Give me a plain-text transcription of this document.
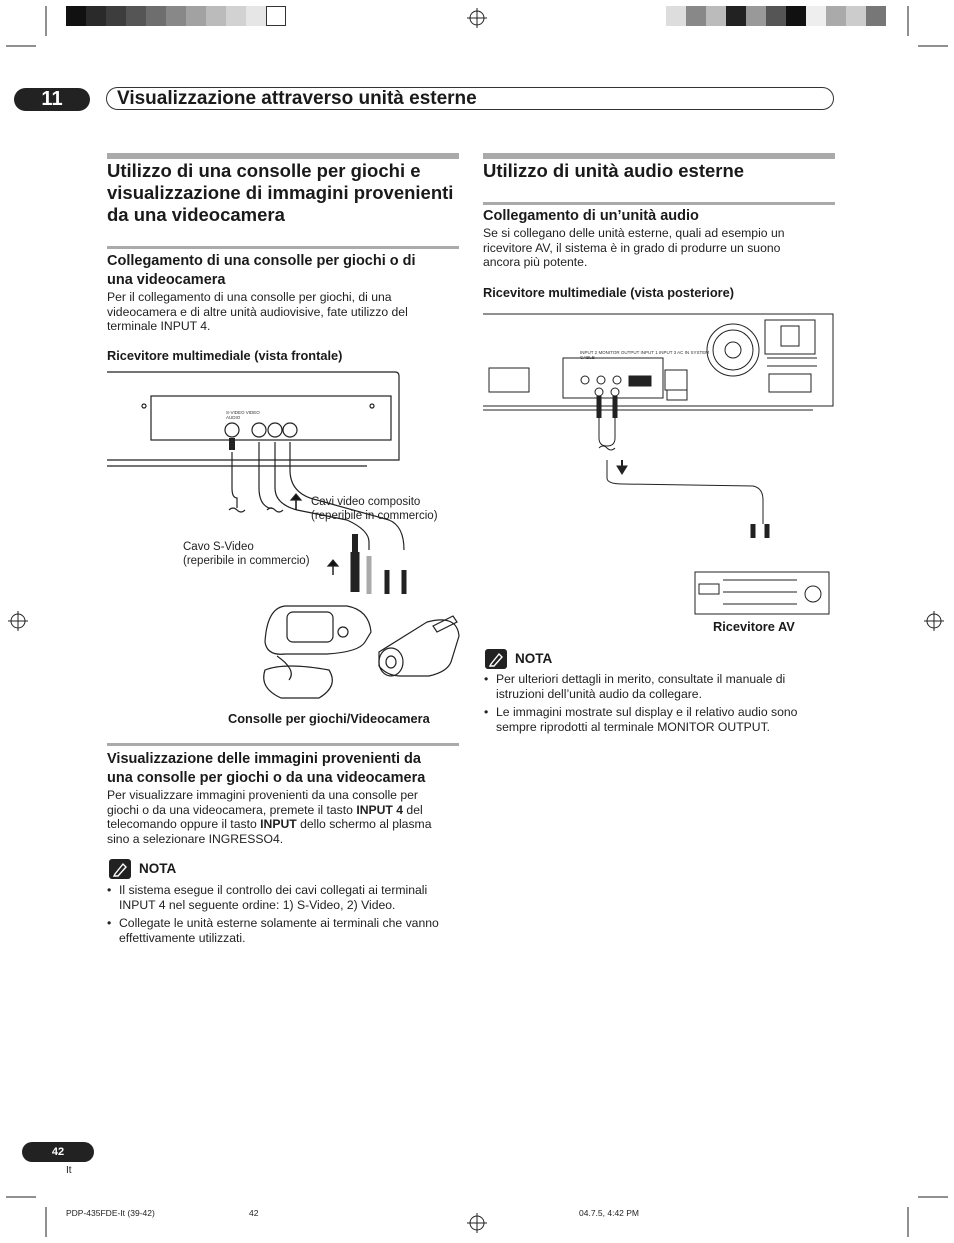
11	Visualizzazione attraverso unità esterne
Utilizzo di una consolle per giochi e
visualizzazione di immagini provenienti
da una videocamera
Collegamento di una consolle per giochi o di
una videocamera
Per il collegamento di una consolle per giochi, di una
videocamera e di altre unità audiovisive, fate utilizzo del
terminale INPUT 4.
Ricevitore multimediale (vista frontale)
S-VIDEO VIDEO AUDIO
Cavi video composito
(reperibile in commercio)
Cavo S-Video
(reperibile in commercio)
Consolle per giochi/Videocamera
Visualizzazione delle immagini provenienti da
una consolle per giochi o da una videocamera
Per visualizzare immagini provenienti da una consolle per
giochi o da una videocamera, premete il tasto INPUT 4 del
telecomando oppure il tasto INPUT dello schermo al plasma
sino a selezionare INGRESSO4.
NOTA
• Il sistema esegue il controllo dei cavi collegati ai terminali
INPUT 4 nel seguente ordine: 1) S-Video, 2) Video.
• Collegate le unità esterne solamente ai terminali che vanno
effettivamente utilizzati.
Utilizzo di unità audio esterne
Collegamento di un’unità audio
Se si collegano delle unità esterne, quali ad esempio un
ricevitore AV, il sistema è in grado di produrre un suono
ancora più potente.
Ricevitore multimediale (vista posteriore)
INPUT 2 MONITOR OUTPUT INPUT 1 INPUT 3 AC IN SYSTEM CABLE
Ricevitore AV
NOTA
• Per ulteriori dettagli in merito, consultate il manuale di
istruzioni dell’unità audio da collegare.
• Le immagini mostrate sul display e il relativo audio sono
sempre riprodotti al terminale MONITOR OUTPUT.
42
It
PDP-435FDE-It (39-42)	42	04.7.5, 4:42 PM
